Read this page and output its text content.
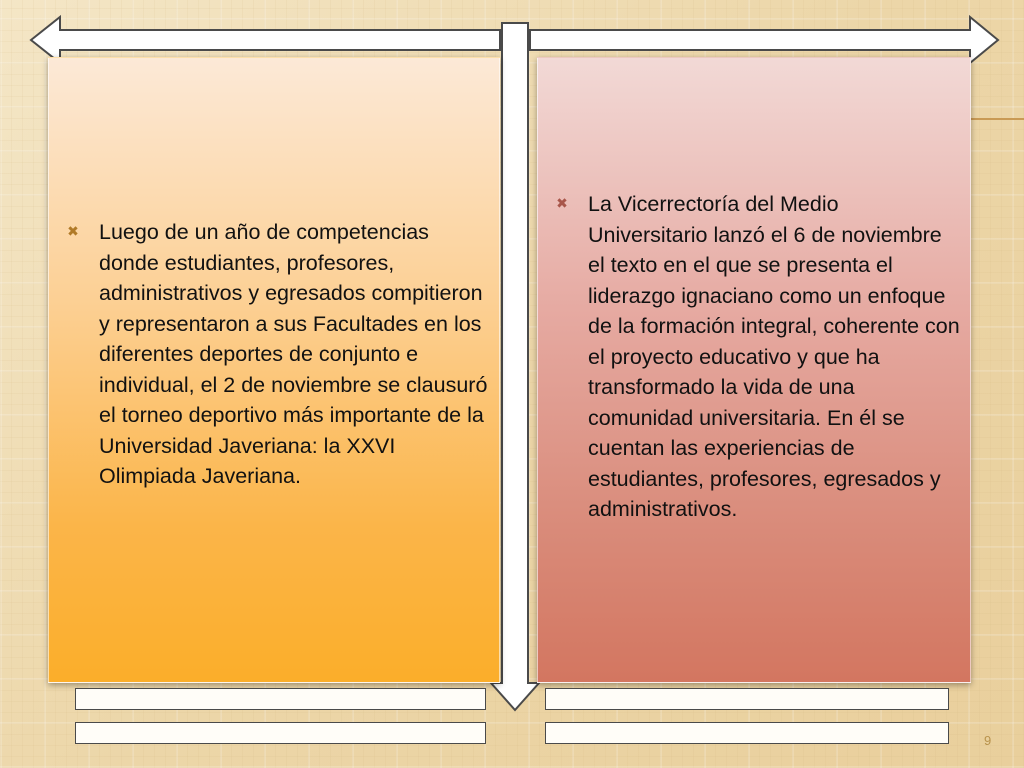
✖ Luego de un año de competencias donde estudiantes, profesores, administrativos y egresados compitieron y representaron a sus Facultades en los diferentes deportes de conjunto e individual, el 2 de noviembre se clausuró el torneo deportivo más importante de la Universidad Javeriana: la XXVI Olimpiada Javeriana.
✖ La Vicerrectoría del Medio Universitario lanzó el 6 de noviembre el texto en el que se presenta el liderazgo ignaciano como un enfoque de la formación integral, coherente con el proyecto educativo y que ha transformado la vida de una comunidad universitaria. En él se cuentan las experiencias de estudiantes, profesores, egresados y administrativos.
9
